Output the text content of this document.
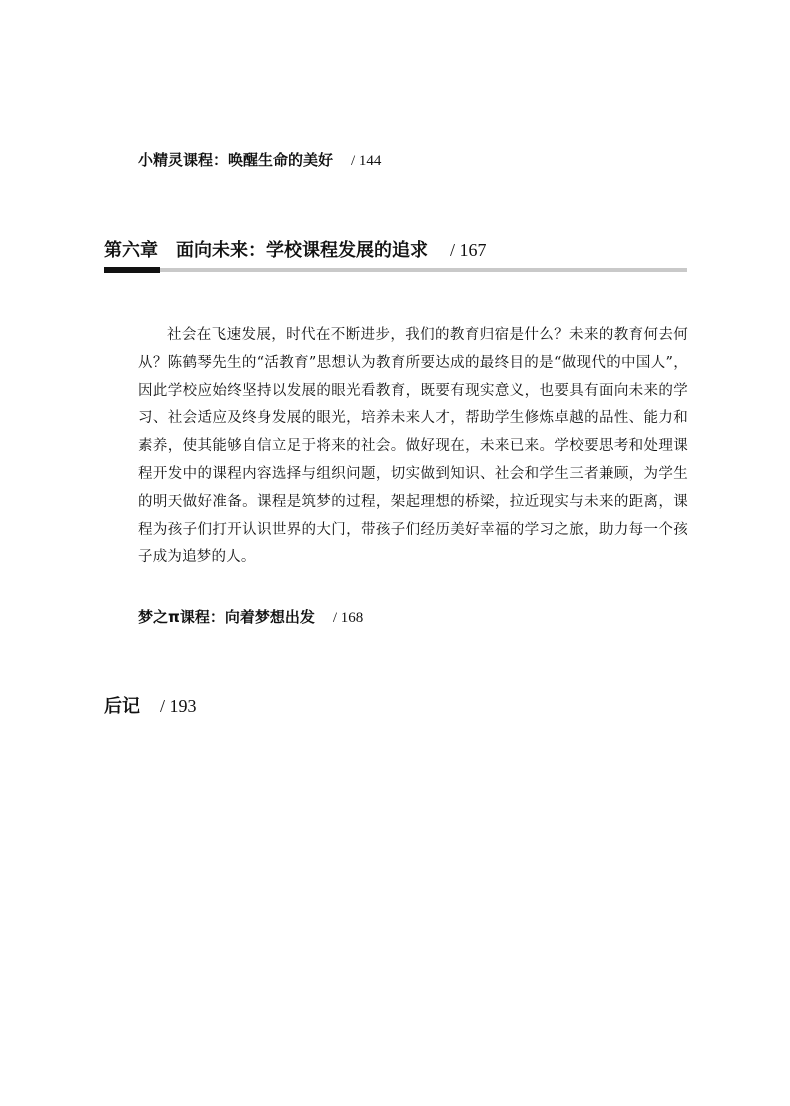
小精灵课程：唤醒生命的美好 / 144
第六章 面向未来：学校课程发展的追求 / 167

社会在飞速发展，时代在不断进步，我们的教育归宿是什么？未来的教育何去何从？陈鹤琴先生的“活教育”思想认为教育所要达成的最终目的是“做现代的中国人”，因此学校应始终坚持以发展的眼光看教育，既要有现实意义，也要具有面向未来的学习、社会适应及终身发展的眼光，培养未来人才，帮助学生修炼卓越的品性、能力和素养，使其能够自信立足于将来的社会。做好现在，未来已来。学校要思考和处理课程开发中的课程内容选择与组织问题，切实做到知识、社会和学生三者兼顾，为学生的明天做好准备。课程是筑梦的过程，架起理想的桥梁，拉近现实与未来的距离，课程为孩子们打开认识世界的大门，带孩子们经历美好幸福的学习之旅，助力每一个孩子成为追梦的人。

梦之π课程：向着梦想出发 / 168
后记 / 193
